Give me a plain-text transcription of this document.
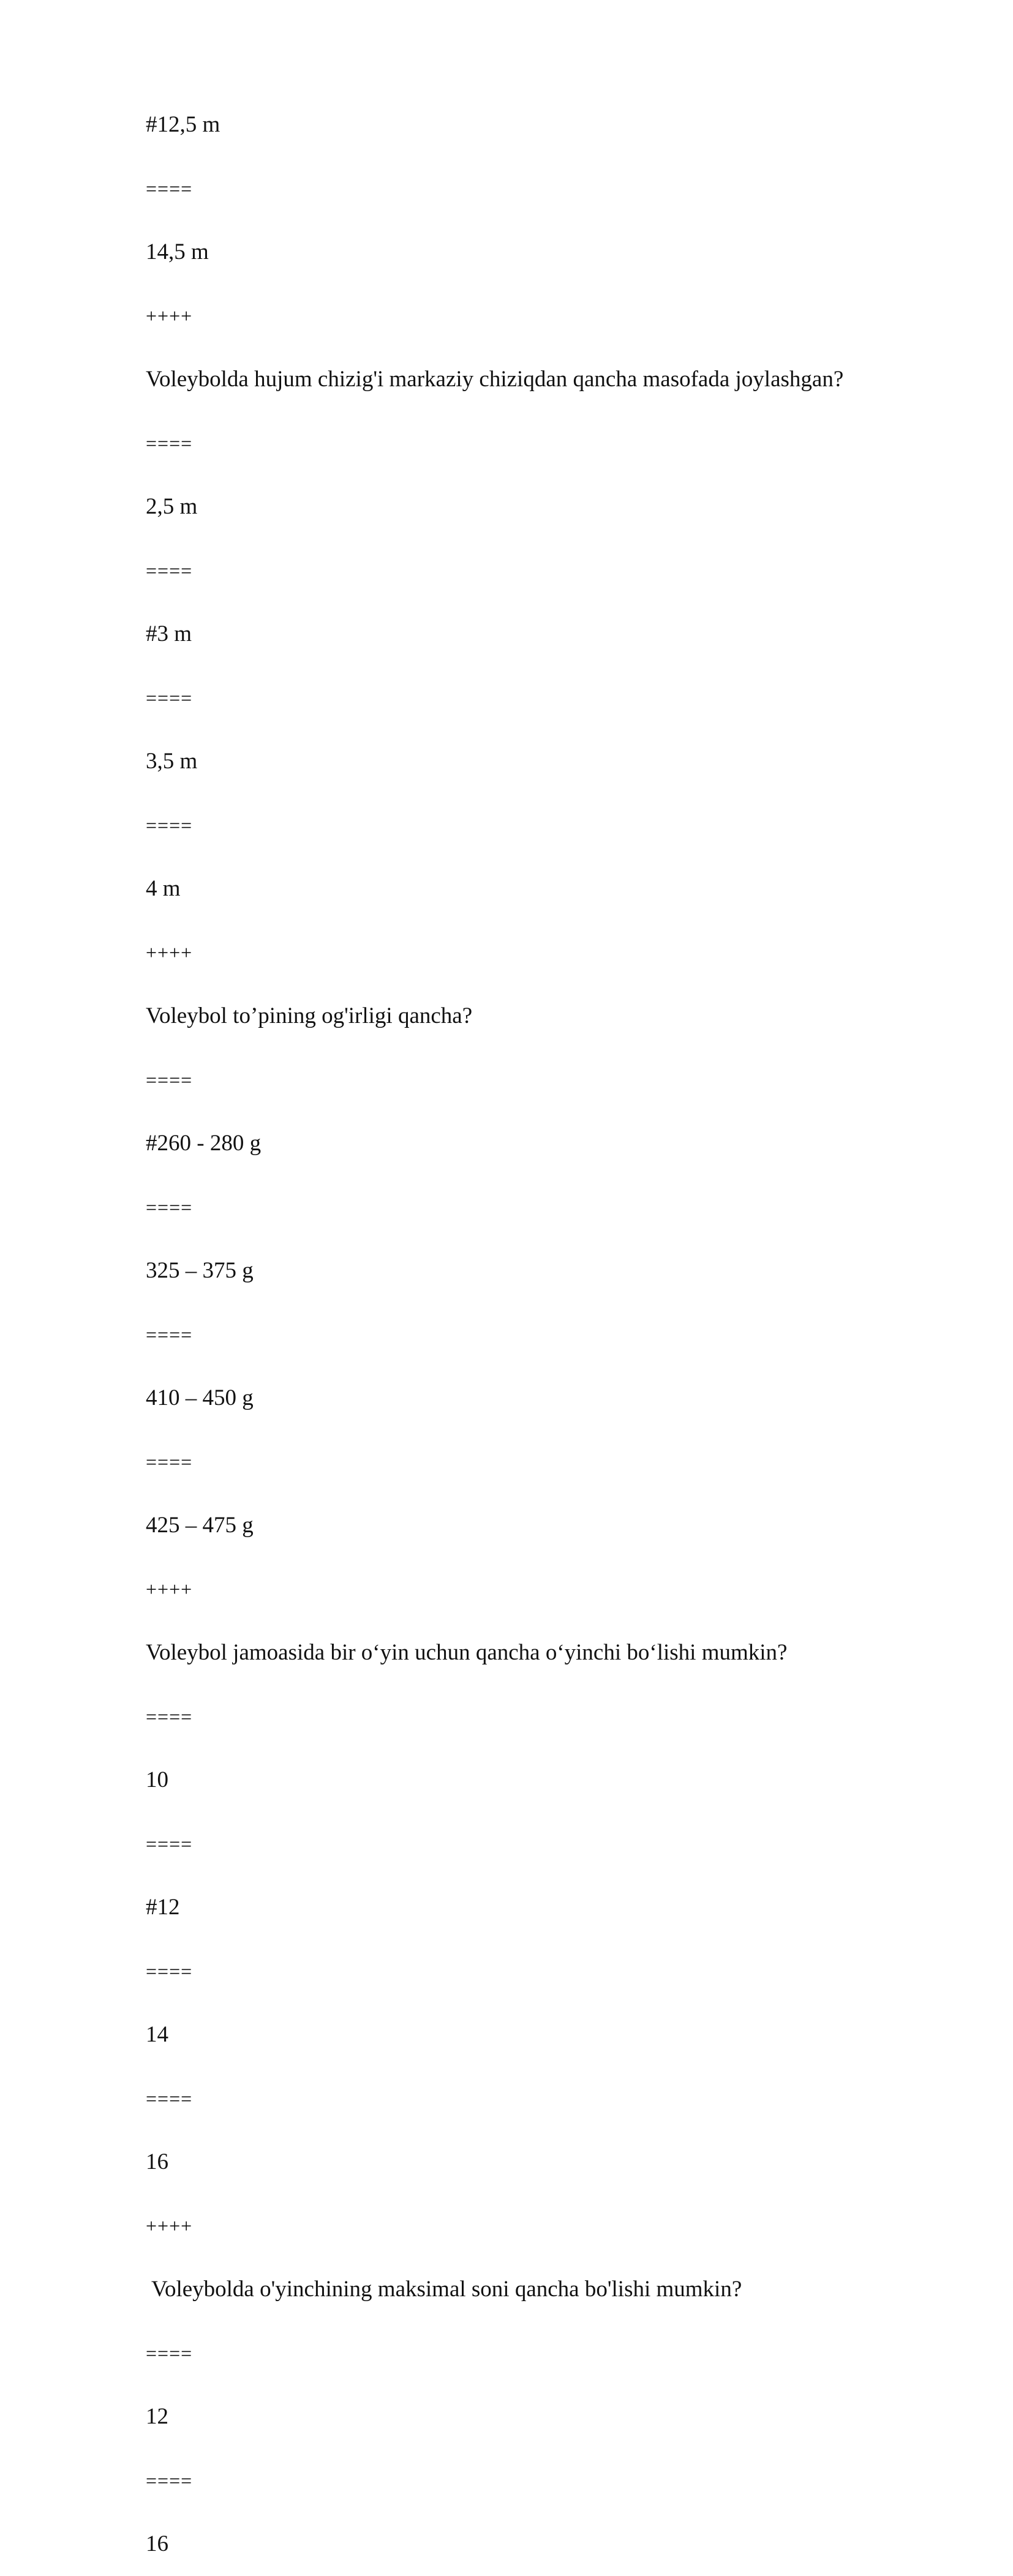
#12,5 m

====

14,5 m

++++

Voleybolda hujum chizig'i markaziy chiziqdan qancha masofada joylashgan?

====

2,5 m

====

#3 m

====

3,5 m

====

4 m

++++

Voleybol to’pining og'irligi qancha?

====

#260 - 280 g

====

325 – 375 g

====

410 – 450 g

====

425 – 475 g

++++

Voleybol jamoasida bir o‘yin uchun qancha o‘yinchi bo‘lishi mumkin?

====

10

====

#12

====

14

====

16

++++

Voleybolda o'yinchining maksimal soni qancha bo'lishi mumkin?

====

12

====

16
